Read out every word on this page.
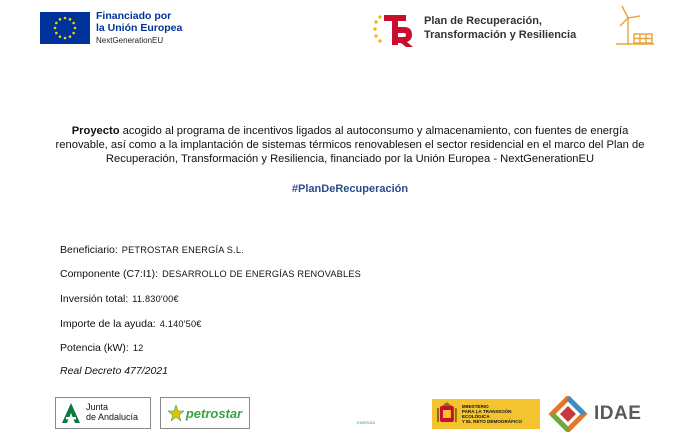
Financiado por
la Unión Europea
NextGenerationEU
Plan de Recuperación,
Transformación y Resiliencia

Proyecto acogido al programa de incentivos ligados al autoconsumo y almacenamiento, con fuentes de energía renovable, así como a la implantación de sistemas térmicos renovablesen el sector residencial en el marco del Plan de Recuperación, Transformación y Resiliencia, financiado por la Unión Europea - NextGenerationEU

#PlanDeRecuperación
Beneficiario: PETROSTAR ENERGÍA S.L.
Componente (C7:I1): DESARROLLO DE ENERGÍAS RENOVABLES
Inversión total: 11.830'00€
Importe de la ayuda: 4.140'50€
Potencia (kW): 12
Real Decreto 477/2021
Junta
de Andalucía	petrostar
ENERGÍA
MINISTERIO
PARA LA TRANSICIÓN ECOLÓGICA
Y EL RETO DEMOGRÁFICO	IDAE
